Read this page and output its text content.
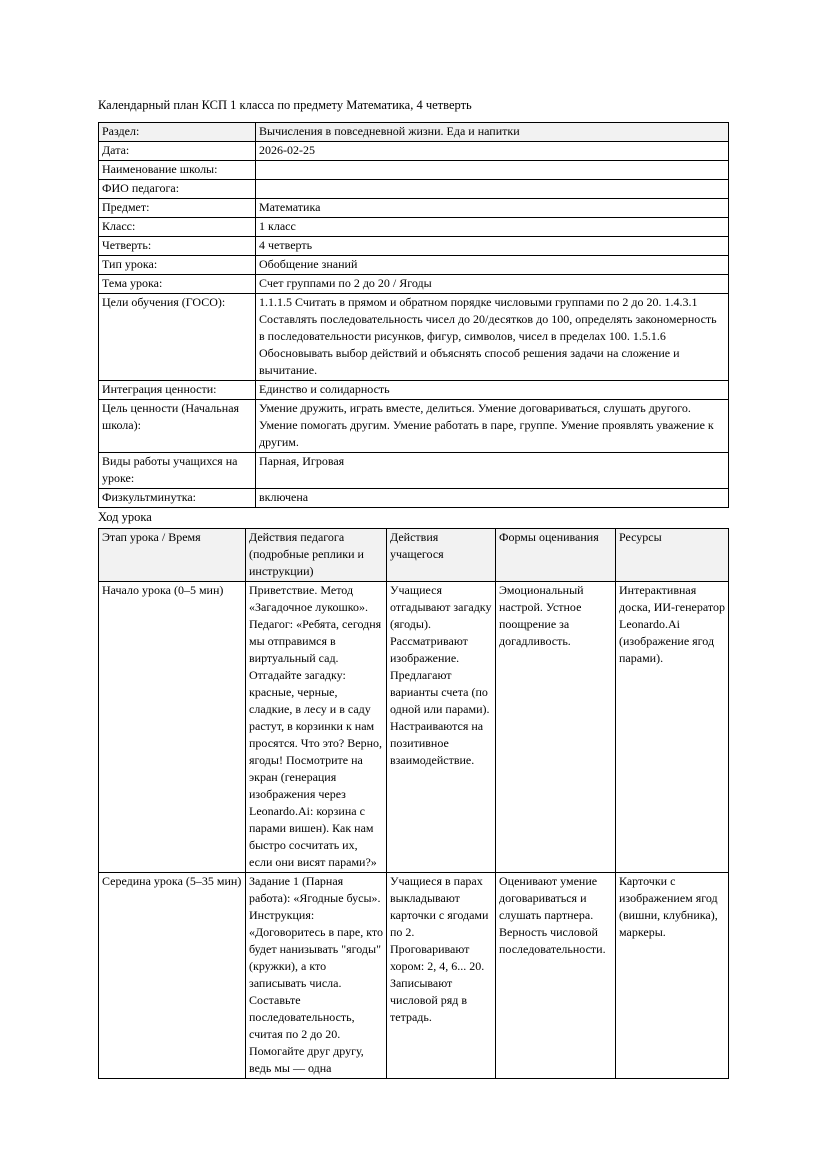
Календарный план КСП 1 класса по предмету Математика, 4 четверть

Раздел:	Вычисления в повседневной жизни. Еда и напитки
Дата:	2026-02-25
Наименование школы:	
ФИО педагога:	
Предмет:	Математика
Класс:	1 класс
Четверть:	4 четверть
Тип урока:	Обобщение знаний
Тема урока:	Счет группами по 2 до 20 / Ягоды
Цели обучения (ГОСО):	1.1.1.5 Считать в прямом и обратном порядке числовыми группами по 2 до 20. 1.4.3.1 Составлять последовательность чисел до 20/десятков до 100, определять закономерность в последовательности рисунков, фигур, символов, чисел в пределах 100. 1.5.1.6 Обосновывать выбор действий и объяснять способ решения задачи на сложение и вычитание.
Интеграция ценности:	Единство и солидарность
Цель ценности (Начальная школа):	Умение дружить, играть вместе, делиться. Умение договариваться, слушать другого. Умение помогать другим. Умение работать в паре, группе. Умение проявлять уважение к другим.
Виды работы учащихся на уроке:	Парная, Игровая
Физкультминутка:	включена

Ход урока

Этап урока / Время	Действия педагога (подробные реплики и инструкции)	Действия учащегося	Формы оценивания	Ресурсы
Начало урока (0–5 мин)	Приветствие. Метод «Загадочное лукошко». Педагог: «Ребята, сегодня мы отправимся в виртуальный сад. Отгадайте загадку: красные, черные, сладкие, в лесу и в саду растут, в корзинки к нам просятся. Что это? Верно, ягоды! Посмотрите на экран (генерация изображения через Leonardo.Ai: корзина с парами вишен). Как нам быстро сосчитать их, если они висят парами?»	Учащиеся отгадывают загадку (ягоды). Рассматривают изображение. Предлагают варианты счета (по одной или парами). Настраиваются на позитивное взаимодействие.	Эмоциональный настрой. Устное поощрение за догадливость.	Интерактивная доска, ИИ-генератор Leonardo.Ai (изображение ягод парами).
Середина урока (5–35 мин)	Задание 1 (Парная работа): «Ягодные бусы». Инструкция: «Договоритесь в паре, кто будет нанизывать "ягоды" (кружки), а кто записывать числа. Составьте последовательность, считая по 2 до 20. Помогайте друг другу, ведь мы — одна	Учащиеся в парах выкладывают карточки с ягодами по 2. Проговаривают хором: 2, 4, 6... 20. Записывают числовой ряд в тетрадь.	Оценивают умение договариваться и слушать партнера. Верность числовой последовательности.	Карточки с изображением ягод (вишни, клубника), маркеры.
